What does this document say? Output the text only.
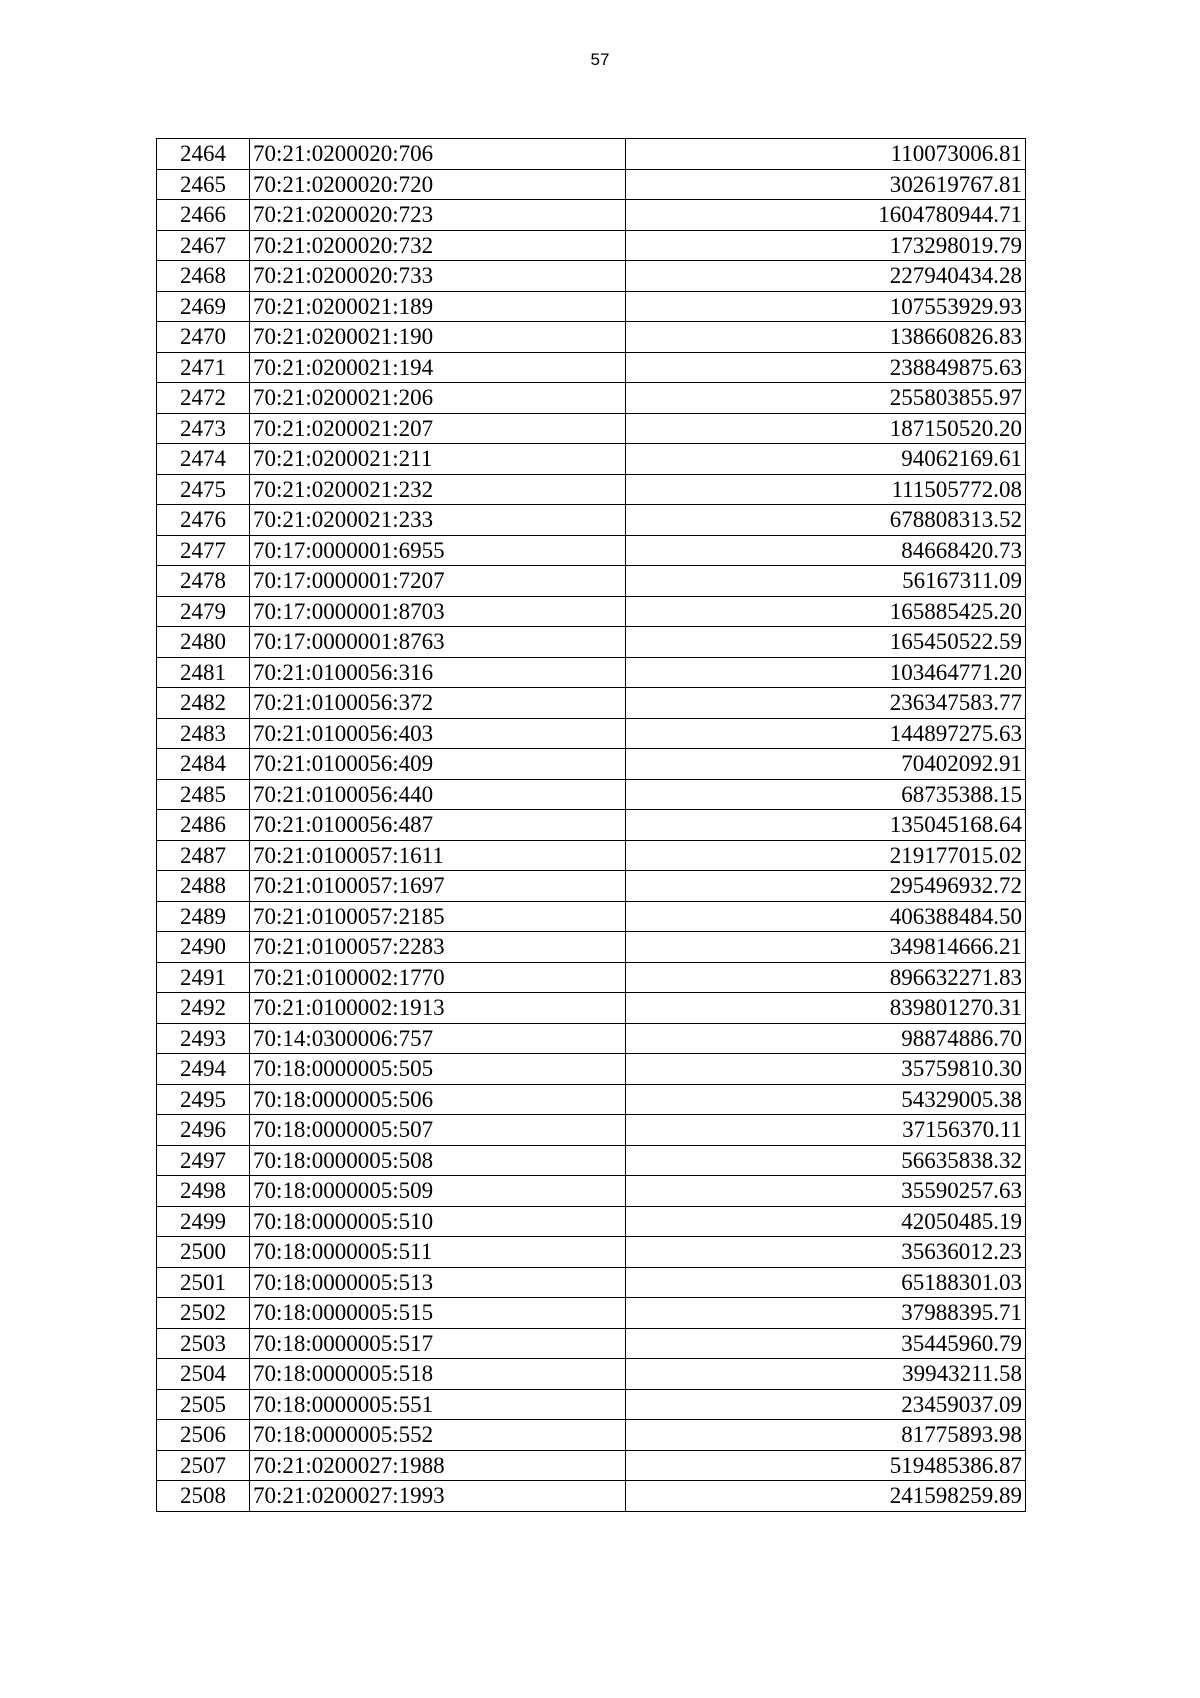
57
2464	70:21:0200020:706	110073006.81
2465	70:21:0200020:720	302619767.81
2466	70:21:0200020:723	1604780944.71
2467	70:21:0200020:732	173298019.79
2468	70:21:0200020:733	227940434.28
2469	70:21:0200021:189	107553929.93
2470	70:21:0200021:190	138660826.83
2471	70:21:0200021:194	238849875.63
2472	70:21:0200021:206	255803855.97
2473	70:21:0200021:207	187150520.20
2474	70:21:0200021:211	94062169.61
2475	70:21:0200021:232	111505772.08
2476	70:21:0200021:233	678808313.52
2477	70:17:0000001:6955	84668420.73
2478	70:17:0000001:7207	56167311.09
2479	70:17:0000001:8703	165885425.20
2480	70:17:0000001:8763	165450522.59
2481	70:21:0100056:316	103464771.20
2482	70:21:0100056:372	236347583.77
2483	70:21:0100056:403	144897275.63
2484	70:21:0100056:409	70402092.91
2485	70:21:0100056:440	68735388.15
2486	70:21:0100056:487	135045168.64
2487	70:21:0100057:1611	219177015.02
2488	70:21:0100057:1697	295496932.72
2489	70:21:0100057:2185	406388484.50
2490	70:21:0100057:2283	349814666.21
2491	70:21:0100002:1770	896632271.83
2492	70:21:0100002:1913	839801270.31
2493	70:14:0300006:757	98874886.70
2494	70:18:0000005:505	35759810.30
2495	70:18:0000005:506	54329005.38
2496	70:18:0000005:507	37156370.11
2497	70:18:0000005:508	56635838.32
2498	70:18:0000005:509	35590257.63
2499	70:18:0000005:510	42050485.19
2500	70:18:0000005:511	35636012.23
2501	70:18:0000005:513	65188301.03
2502	70:18:0000005:515	37988395.71
2503	70:18:0000005:517	35445960.79
2504	70:18:0000005:518	39943211.58
2505	70:18:0000005:551	23459037.09
2506	70:18:0000005:552	81775893.98
2507	70:21:0200027:1988	519485386.87
2508	70:21:0200027:1993	241598259.89
